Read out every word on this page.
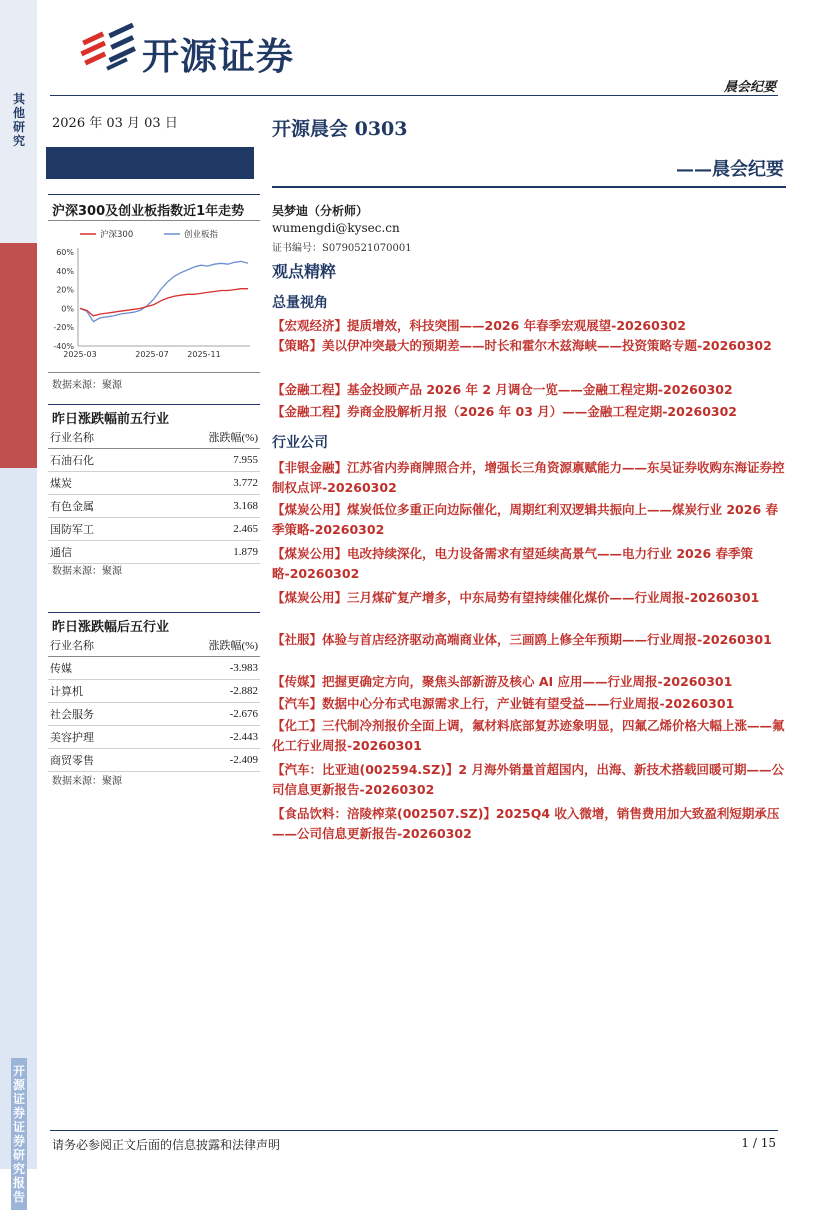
开源证券
晨会纪要
其他研究
开源证券 证券研究报告
2026 年 03 月 03 日
沪深300及创业板指数近1年走势
60%
40%
20%
0%
-20%
-40%
2025-03	2025-07 2025-11
沪深300	创业板指
数据来源：聚源
昨日涨跌幅前五行业
行业名称	涨跌幅(%)
石油石化	7.955
煤炭	3.772
有色金属	3.168
国防军工	2.465
通信	1.879
数据来源：聚源
昨日涨跌幅后五行业
行业名称	涨跌幅(%)
传媒	-3.983
计算机	-2.882
社会服务	-2.676
美容护理	-2.443
商贸零售	-2.409
数据来源：聚源
开源晨会 0303
——晨会纪要
吴梦迪（分析师）
wumengdi@kysec.cn
证书编号：S0790521070001
观点精粹
总量视角
【宏观经济】提质增效，科技突围——2026 年春季宏观展望-20260302
【策略】美以伊冲突最大的预期差——时长和霍尔木兹海峡——投资策略专题-20260302
【金融工程】基金投顾产品 2026 年 2 月调仓一览——金融工程定期-20260302
【金融工程】券商金股解析月报（2026 年 03 月）——金融工程定期-20260302
行业公司
【非银金融】江苏省内券商牌照合并，增强长三角资源禀赋能力——东吴证券收购东海证券控制权点评-20260302
【煤炭公用】煤炭低位多重正向边际催化，周期红利双逻辑共振向上——煤炭行业 2026 春季策略-20260302
【煤炭公用】电改持续深化，电力设备需求有望延续高景气——电力行业 2026 春季策略-20260302
【煤炭公用】三月煤矿复产增多，中东局势有望持续催化煤价——行业周报-20260301
【社服】体验与首店经济驱动高端商业体，三画鸥上修全年预期——行业周报-20260301
【传媒】把握更确定方向，聚焦头部新游及核心 AI 应用——行业周报-20260301
【汽车】数据中心分布式电源需求上行，产业链有望受益——行业周报-20260301
【化工】三代制冷剂报价全面上调，氟材料底部复苏迹象明显，四氟乙烯价格大幅上涨——氟化工行业周报-20260301
【汽车：比亚迪(002594.SZ)】2 月海外销量首超国内，出海、新技术搭载回暖可期——公司信息更新报告-20260302
【食品饮料：涪陵榨菜(002507.SZ)】2025Q4 收入微增，销售费用加大致盈利短期承压——公司信息更新报告-20260302
请务必参阅正文后面的信息披露和法律声明	1 / 15
